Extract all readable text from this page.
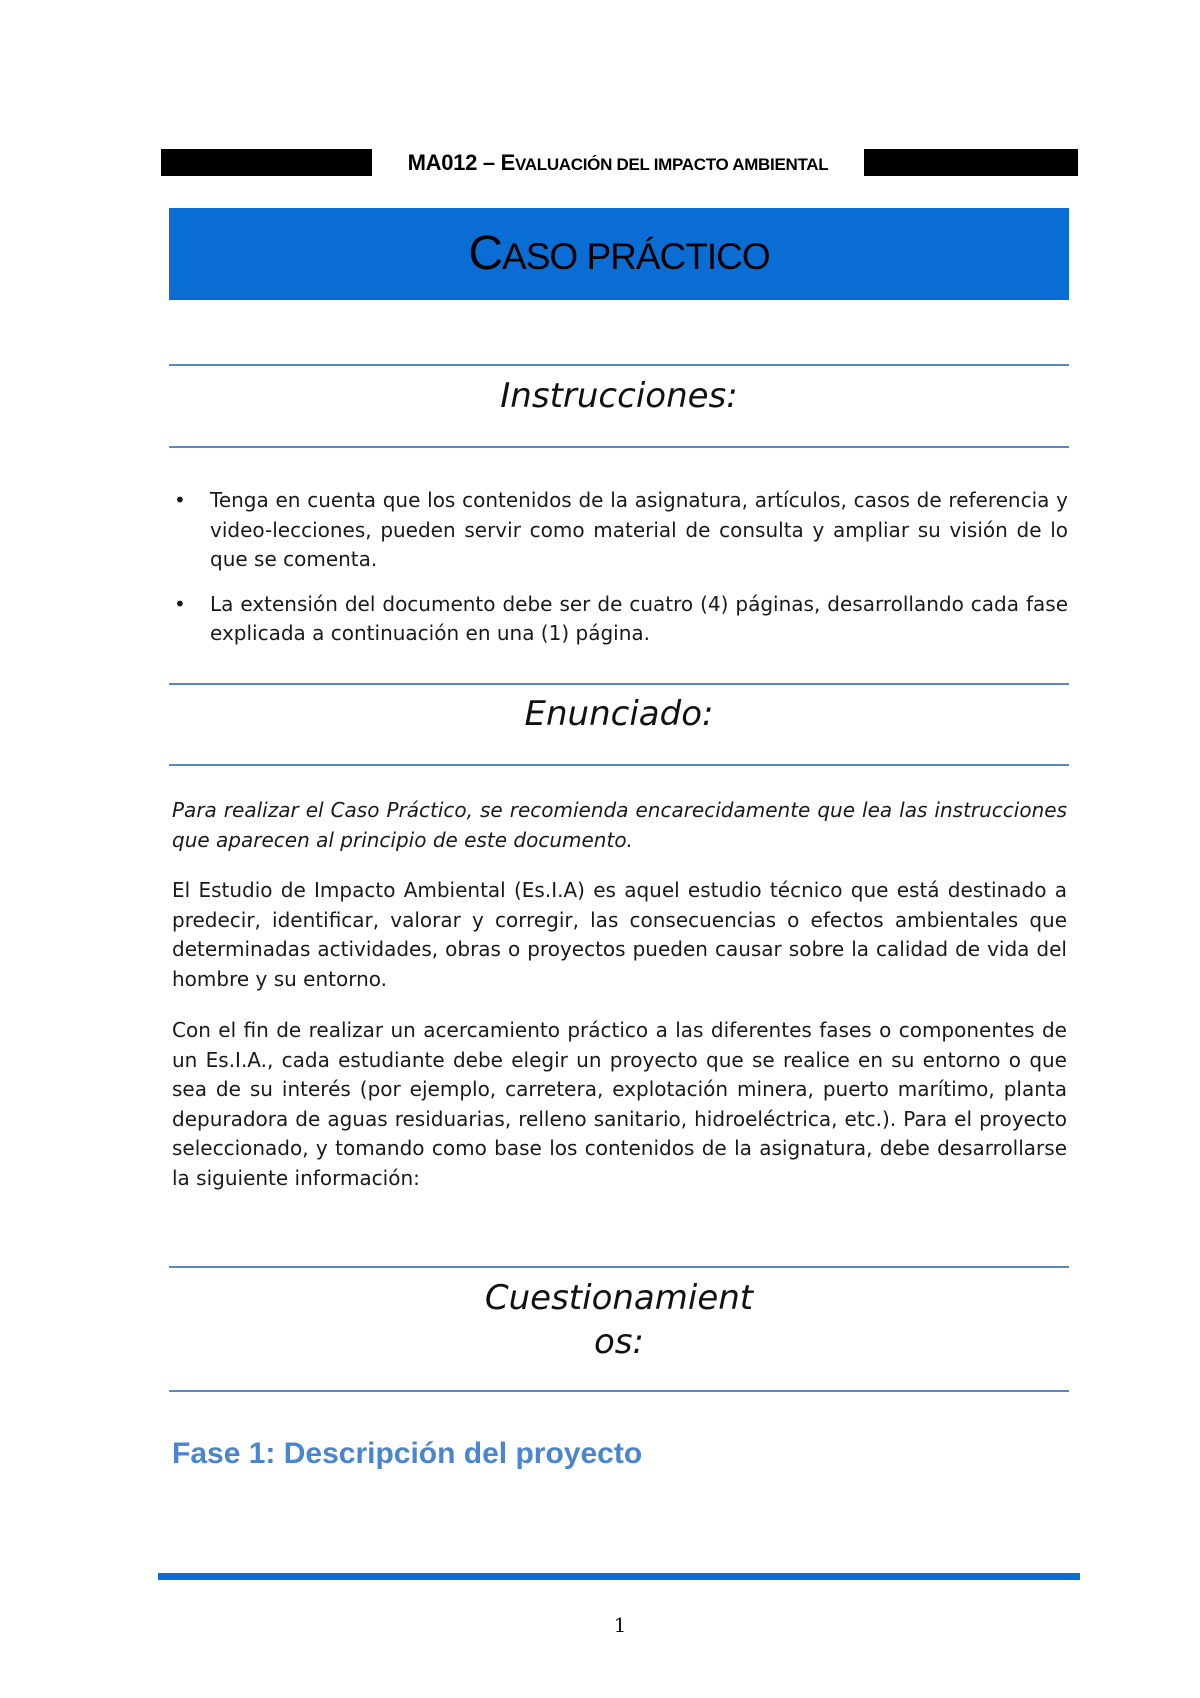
MA012 – EVALUACIÓN DEL IMPACTO AMBIENTAL
CASO PRÁCTICO
Instrucciones:
• Tenga en cuenta que los contenidos de la asignatura, artículos, casos de referencia y video-lecciones, pueden servir como material de consulta y ampliar su visión de lo que se comenta.
• La extensión del documento debe ser de cuatro (4) páginas, desarrollando cada fase explicada a continuación en una (1) página.
Enunciado:

Para realizar el Caso Práctico, se recomienda encarecidamente que lea las instrucciones que aparecen al principio de este documento.

El Estudio de Impacto Ambiental (Es.I.A) es aquel estudio técnico que está destinado a predecir, identificar, valorar y corregir, las consecuencias o efectos ambientales que determinadas actividades, obras o proyectos pueden causar sobre la calidad de vida del hombre y su entorno.

Con el fin de realizar un acercamiento práctico a las diferentes fases o componentes de un Es.I.A., cada estudiante debe elegir un proyecto que se realice en su entorno o que sea de su interés (por ejemplo, carretera, explotación minera, puerto marítimo, planta depuradora de aguas residuarias, relleno sanitario, hidroeléctrica, etc.). Para el proyecto seleccionado, y tomando como base los contenidos de la asignatura, debe desarrollarse la siguiente información:

Cuestionamient
os:
Fase 1: Descripción del proyecto
1
